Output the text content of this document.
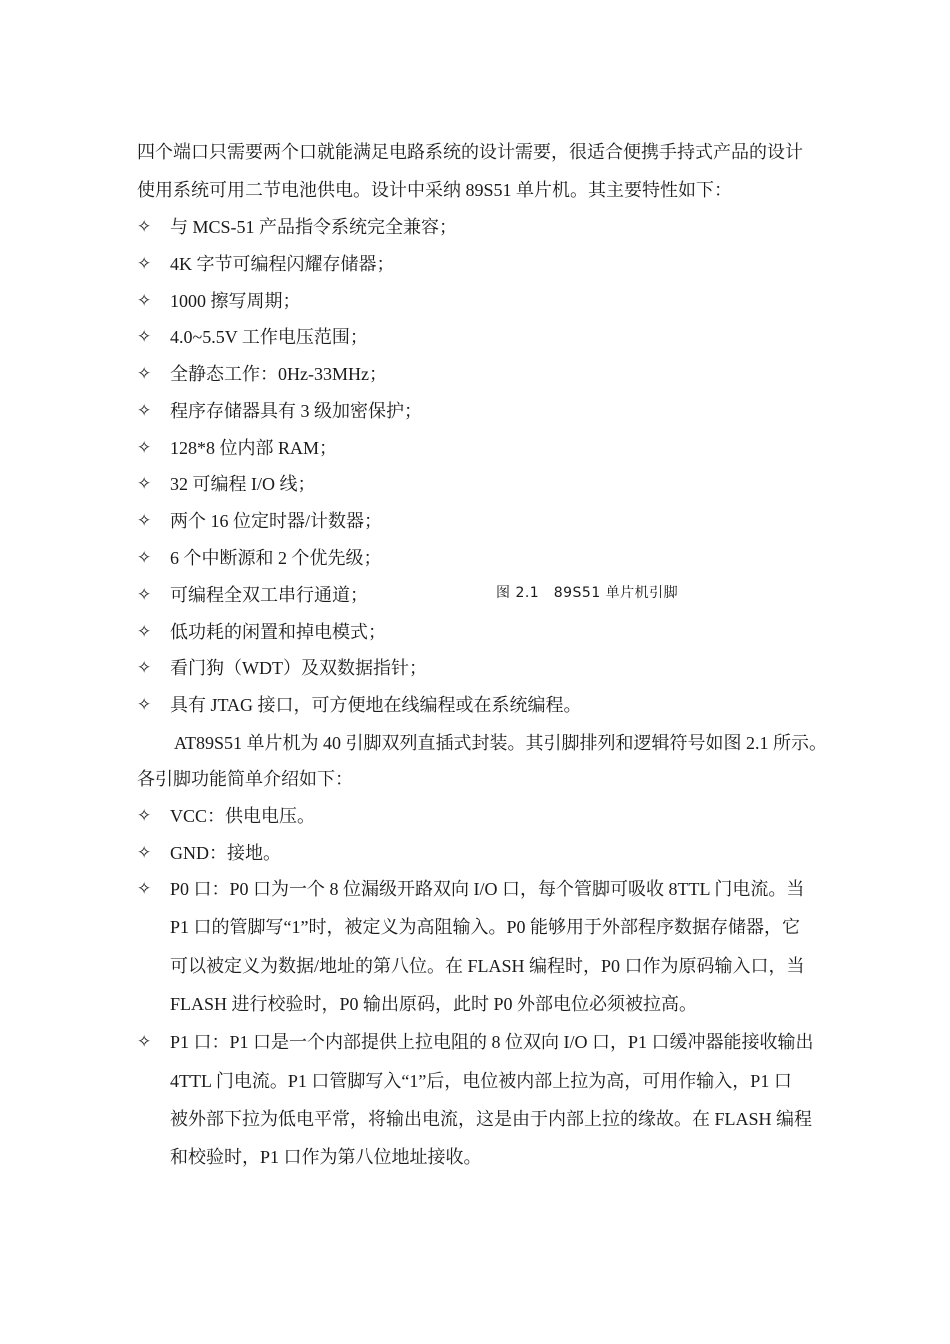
四个端口只需要两个口就能满足电路系统的设计需要，很适合便携手持式产品的设计
使用系统可用二节电池供电。设计中采纳 89S51 单片机。其主要特性如下：
✧	与 MCS-51 产品指令系统完全兼容；
✧	4K 字节可编程闪耀存储器；
✧	1000 擦写周期；
✧	4.0~5.5V 工作电压范围；
✧	全静态工作：0Hz-33MHz；
✧	程序存储器具有 3 级加密保护；
✧	128*8 位内部 RAM；
✧	32 可编程 I/O 线；
✧	两个 16 位定时器/计数器；
✧	6 个中断源和 2 个优先级；
✧	可编程全双工串行通道；
✧	低功耗的闲置和掉电模式；
✧	看门狗（WDT）及双数据指针；
✧	具有 JTAG 接口，可方便地在线编程或在系统编程。
图 2.1　89S51 单片机引脚
AT89S51 单片机为 40 引脚双列直插式封装。其引脚排列和逻辑符号如图 2.1 所示。
各引脚功能简单介绍如下：
✧	VCC：供电电压。
✧	GND：接地。
✧	P0 口：P0 口为一个 8 位漏级开路双向 I/O 口，每个管脚可吸收 8TTL 门电流。当
P1 口的管脚写“1”时，被定义为高阻输入。P0 能够用于外部程序数据存储器，它
可以被定义为数据/地址的第八位。在 FLASH 编程时，P0 口作为原码输入口，当
FLASH 进行校验时，P0 输出原码，此时 P0 外部电位必须被拉高。
✧	P1 口：P1 口是一个内部提供上拉电阻的 8 位双向 I/O 口，P1 口缓冲器能接收输出
4TTL 门电流。P1 口管脚写入“1”后，电位被内部上拉为高，可用作输入，P1 口
被外部下拉为低电平常，将输出电流，这是由于内部上拉的缘故。在 FLASH 编程
和校验时，P1 口作为第八位地址接收。
